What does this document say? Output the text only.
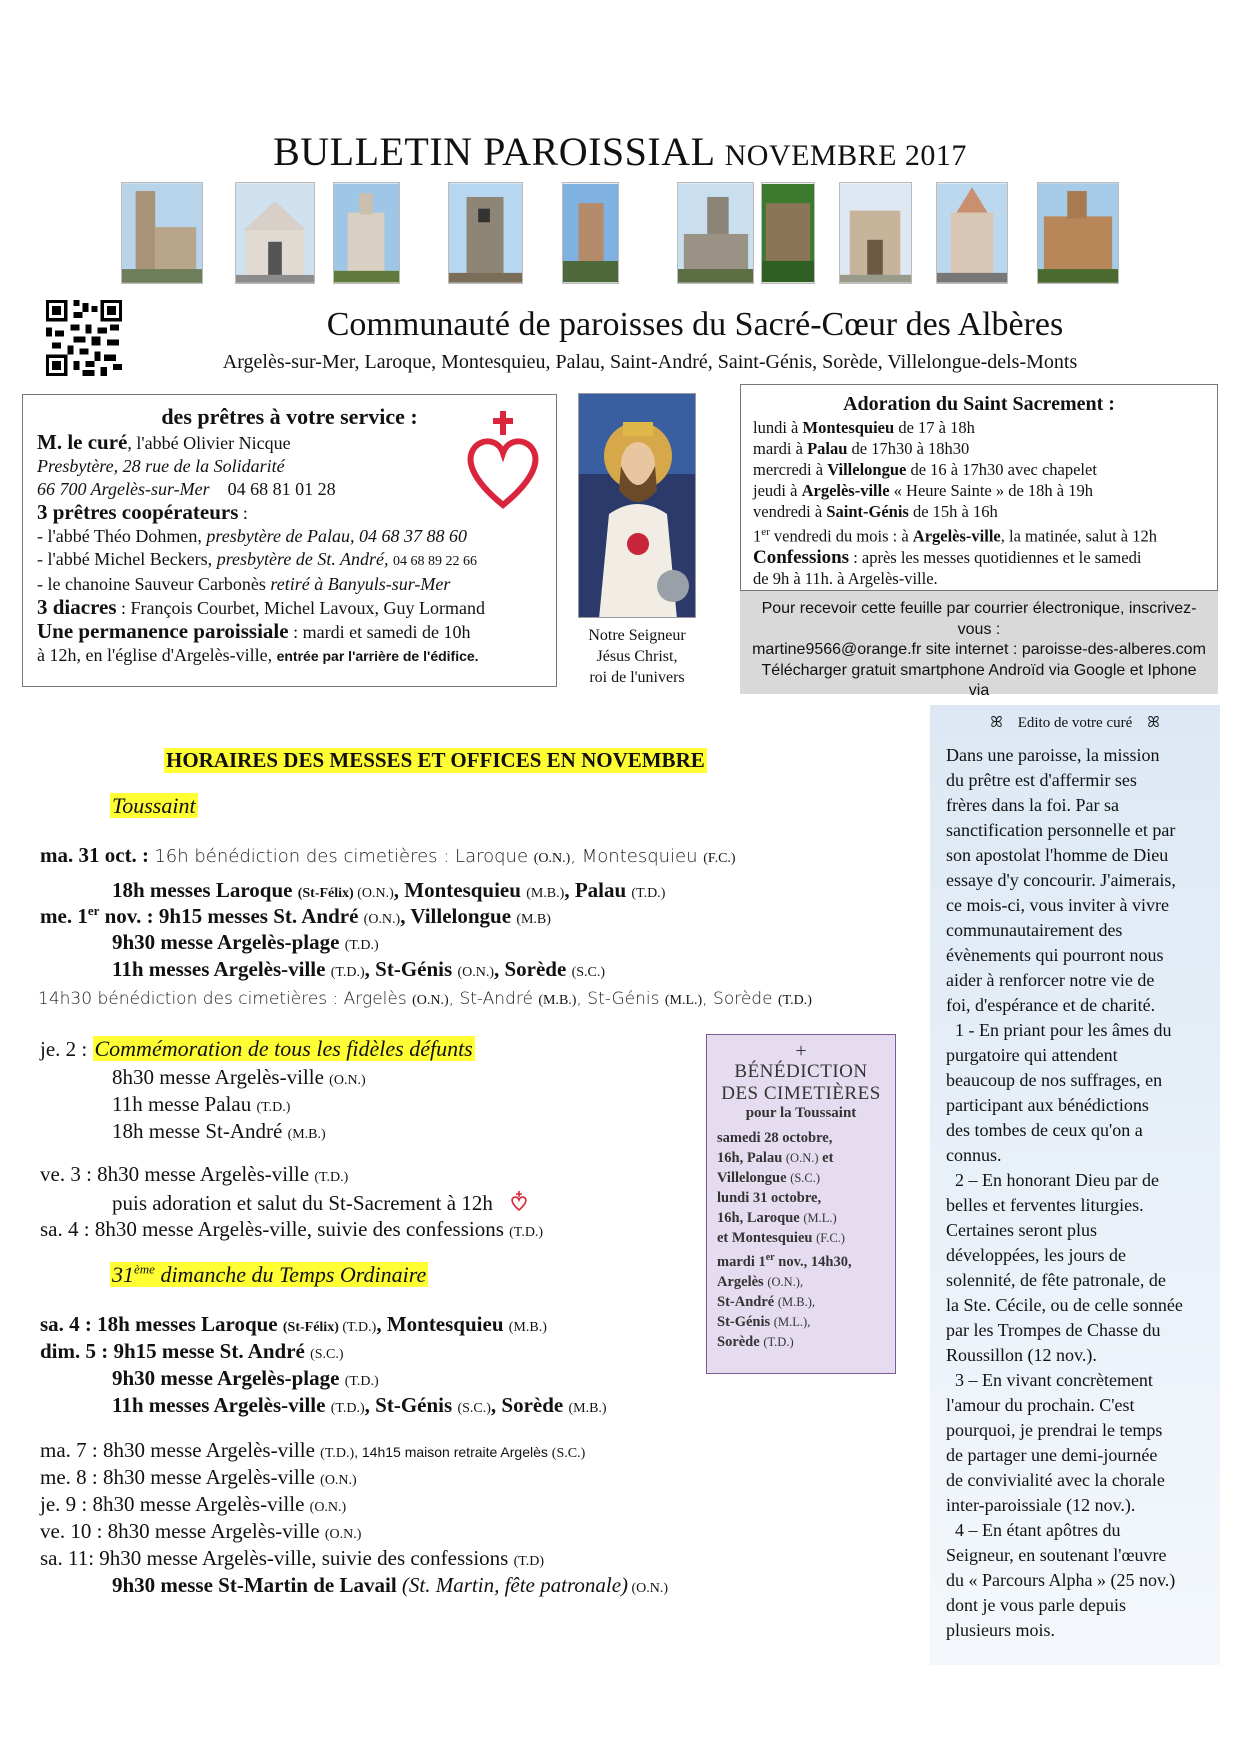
BULLETIN PAROISSIAL NOVEMBRE 2017
Communauté de paroisses du Sacré-Cœur des Albères
Argelès-sur-Mer, Laroque, Montesquieu, Palau, Saint-André, Saint-Génis, Sorède, Villelongue-dels-Monts
des prêtres à votre service :
M. le curé, l'abbé Olivier Nicque
Presbytère, 28 rue de la Solidarité
66 700 Argelès-sur-Mer 04 68 81 01 28
3 prêtres coopérateurs :
- l'abbé Théo Dohmen, presbytère de Palau, 04 68 37 88 60
- l'abbé Michel Beckers, presbytère de St. André, 04 68 89 22 66
- le chanoine Sauveur Carbonès retiré à Banyuls-sur-Mer
3 diacres : François Courbet, Michel Lavoux, Guy Lormand
Une permanence paroissiale : mardi et samedi de 10h
à 12h, en l'église d'Argelès-ville, entrée par l'arrière de l'édifice.
Notre Seigneur
Jésus Christ,
roi de l'univers
Adoration du Saint Sacrement :
lundi à Montesquieu de 17 à 18h
mardi à Palau de 17h30 à 18h30
mercredi à Villelongue de 16 à 17h30 avec chapelet
jeudi à Argelès-ville « Heure Sainte » de 18h à 19h
vendredi à Saint-Génis de 15h à 16h
1er vendredi du mois : à Argelès-ville, la matinée, salut à 12h
Confessions : après les messes quotidiennes et le samedi
de 9h à 11h. à Argelès-ville.
Pour recevoir cette feuille par courrier électronique, inscrivez-vous :
martine9566@orange.fr site internet : paroisse-des-alberes.com
Télécharger gratuit smartphone Androïd via Google et Iphone via
HORAIRES DES MESSES ET OFFICES EN NOVEMBRE
Toussaint
ma. 31 oct. : 16h bénédiction des cimetières : Laroque (O.N.), Montesquieu (F.C.)
18h messes Laroque (St-Félix) (O.N.), Montesquieu (M.B.), Palau (T.D.)
me. 1er nov. : 9h15 messes St. André (O.N.), Villelongue (M.B)
9h30 messe Argelès-plage (T.D.)
11h messes Argelès-ville (T.D.), St-Génis (O.N.), Sorède (S.C.)
14h30 bénédiction des cimetières : Argelès (O.N.), St-André (M.B.), St-Génis (M.L.), Sorède (T.D.)
je. 2 : Commémoration de tous les fidèles défunts
8h30 messe Argelès-ville (O.N.)
11h messe Palau (T.D.)
18h messe St-André (M.B.)
ve. 3 : 8h30 messe Argelès-ville (T.D.)
puis adoration et salut du St-Sacrement à 12h
sa. 4 : 8h30 messe Argelès-ville, suivie des confessions (T.D.)
31ème dimanche du Temps Ordinaire
sa. 4 : 18h messes Laroque (St-Félix) (T.D.), Montesquieu (M.B.)
dim. 5 : 9h15 messe St. André (S.C.)
9h30 messe Argelès-plage (T.D.)
11h messes Argelès-ville (T.D.), St-Génis (S.C.), Sorède (M.B.)
ma. 7 : 8h30 messe Argelès-ville (T.D.), 14h15 maison retraite Argelès (S.C.)
me. 8 : 8h30 messe Argelès-ville (O.N.)
je. 9 : 8h30 messe Argelès-ville (O.N.)
ve. 10 : 8h30 messe Argelès-ville (O.N.)
sa. 11: 9h30 messe Argelès-ville, suivie des confessions (T.D)
9h30 messe St-Martin de Lavail (St. Martin, fête patronale) (O.N.)
+
BÉNÉDICTION
DES CIMETIÈRES
pour la Toussaint
samedi 28 octobre,
16h, Palau (O.N.) et
Villelongue (S.C.)
lundi 31 octobre,
16h, Laroque (M.L.)
et Montesquieu (F.C.)
mardi 1er nov., 14h30,
Argelès (O.N.),
St-André (M.B.),
St-Génis (M.L.),
Sorède (T.D.)
ꕤ Edito de votre curé ꕤ
Dans une paroisse, la mission
du prêtre est d'affermir ses
frères dans la foi. Par sa
sanctification personnelle et par
son apostolat l'homme de Dieu
essaye d'y concourir. J'aimerais,
ce mois-ci, vous inviter à vivre
communautairement des
évènements qui pourront nous
aider à renforcer notre vie de
foi, d'espérance et de charité.
1 - En priant pour les âmes du
purgatoire qui attendent
beaucoup de nos suffrages, en
participant aux bénédictions
des tombes de ceux qu'on a
connus.
2 – En honorant Dieu par de
belles et ferventes liturgies.
Certaines seront plus
développées, les jours de
solennité, de fête patronale, de
la Ste. Cécile, ou de celle sonnée
par les Trompes de Chasse du
Roussillon (12 nov.).
3 – En vivant concrètement
l'amour du prochain. C'est
pourquoi, je prendrai le temps
de partager une demi-journée
de convivialité avec la chorale
inter-paroissiale (12 nov.).
4 – En étant apôtres du
Seigneur, en soutenant l'œuvre
du « Parcours Alpha » (25 nov.)
dont je vous parle depuis
plusieurs mois.
